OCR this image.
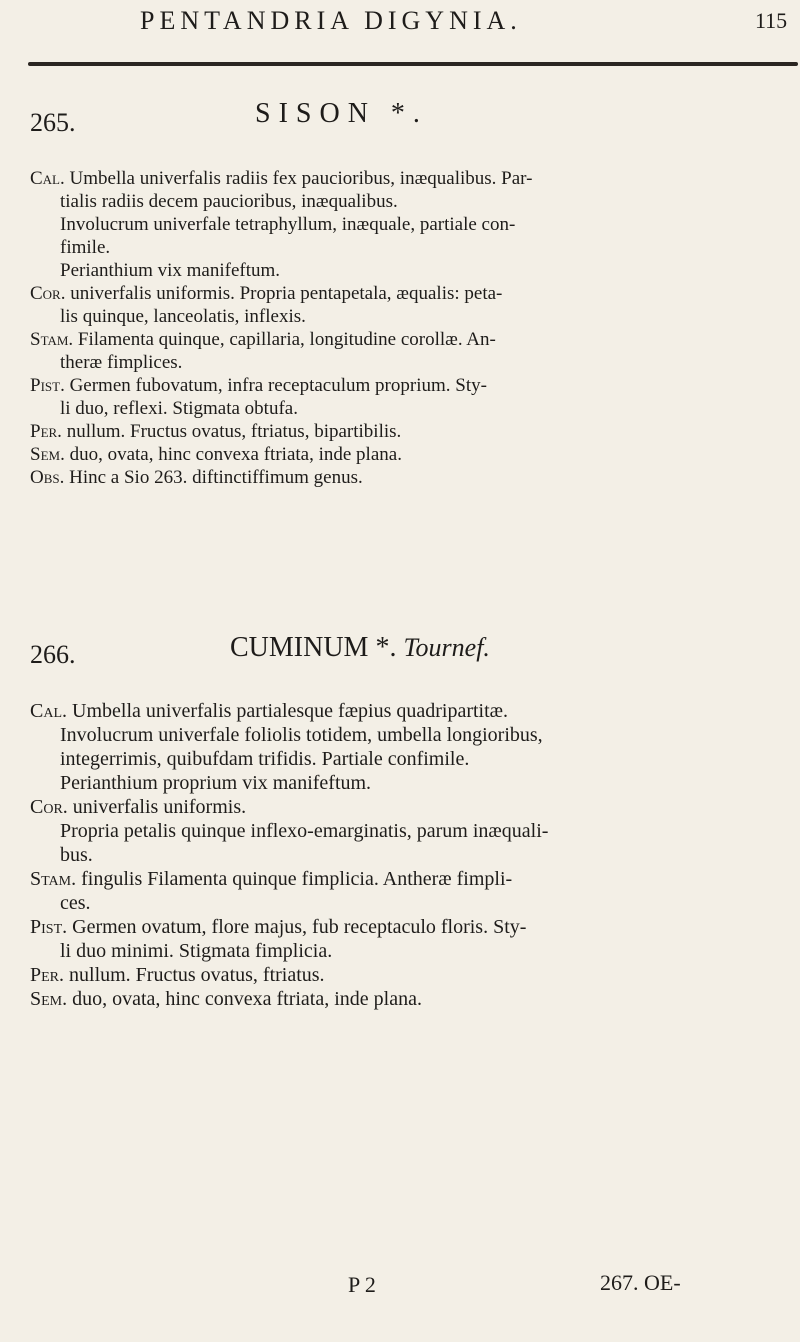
PENTANDRIA DIGYNIA.	115
265.	SISON *.
Cal. Umbella univerfalis radiis fex paucioribus, inæqualibus. Par-
tialis radiis decem paucioribus, inæqualibus.
Involucrum univerfale tetraphyllum, inæquale, partiale con-
fimile.
Perianthium vix manifeftum.
Cor. univerfalis uniformis. Propria pentapetala, æqualis: peta-
lis quinque, lanceolatis, inflexis.
Stam. Filamenta quinque, capillaria, longitudine corollæ. An-
theræ fimplices.
Pist. Germen fubovatum, infra receptaculum proprium. Sty-
li duo, reflexi. Stigmata obtufa.
Per. nullum. Fructus ovatus, ftriatus, bipartibilis.
Sem. duo, ovata, hinc convexa ftriata, inde plana.
Obs. Hinc a Sio 263. diftinctiffimum genus.
266.	CUMINUM *. Tournef.
Cal. Umbella univerfalis partialesque fæpius quadripartitæ.
Involucrum univerfale foliolis totidem, umbella longioribus,
integerrimis, quibufdam trifidis. Partiale confimile.
Perianthium proprium vix manifeftum.
Cor. univerfalis uniformis.
Propria petalis quinque inflexo-emarginatis, parum inæquali-
bus.
Stam. fingulis Filamenta quinque fimplicia. Antheræ fimpli-
ces.
Pist. Germen ovatum, flore majus, fub receptaculo floris. Sty-
li duo minimi. Stigmata fimplicia.
Per. nullum. Fructus ovatus, ftriatus.
Sem. duo, ovata, hinc convexa ftriata, inde plana.
P 2	267. OE-
